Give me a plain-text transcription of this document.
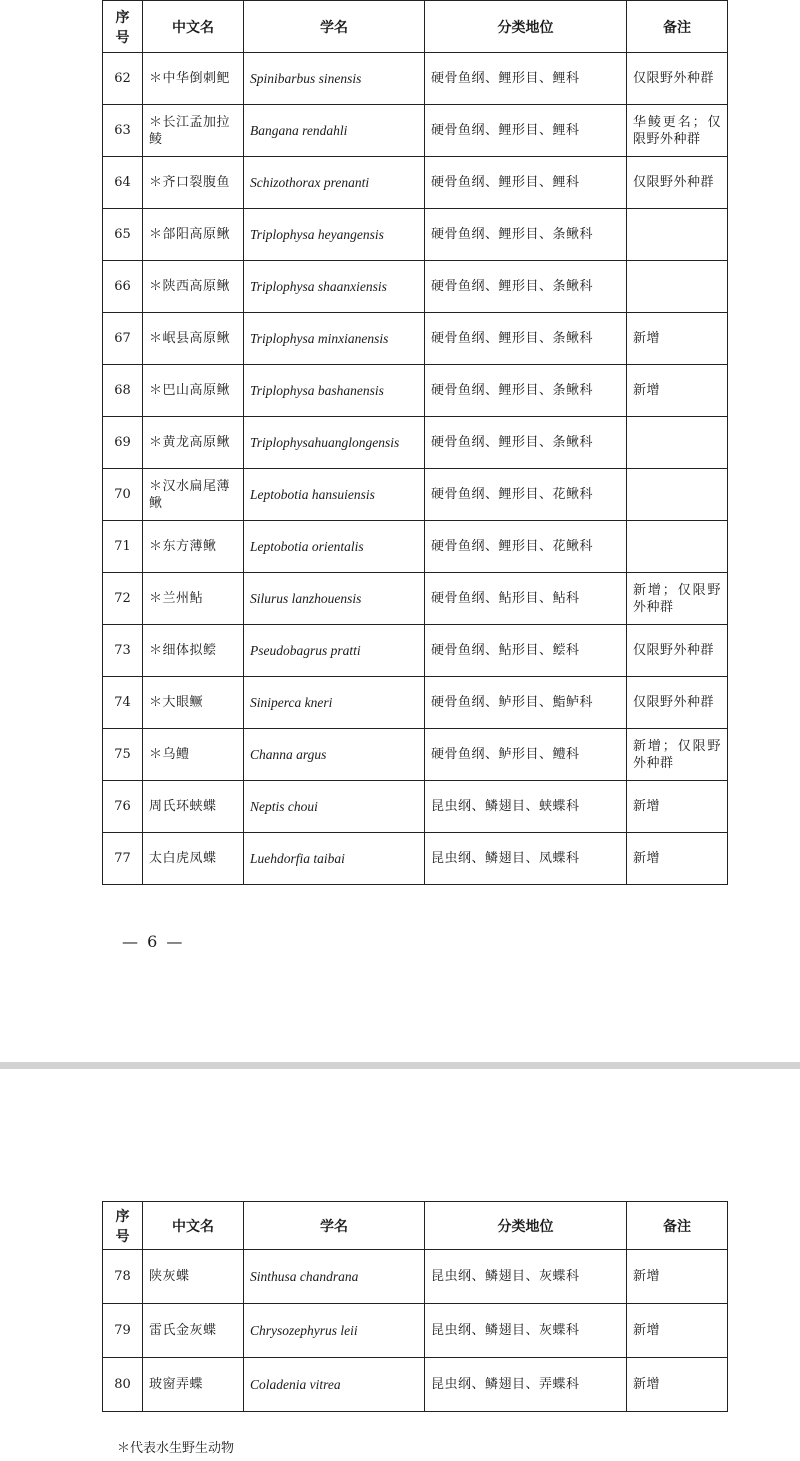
序号	中文名	学名	分类地位	备注
62	＊中华倒刺鲃	Spinibarbus sinensis	硬骨鱼纲、鲤形目、鲤科	仅限野外种群
63	＊长江孟加拉鲮	Bangana rendahli	硬骨鱼纲、鲤形目、鲤科	华鲮更名；仅限野外种群
64	＊齐口裂腹鱼	Schizothorax prenanti	硬骨鱼纲、鲤形目、鲤科	仅限野外种群
65	＊郃阳高原鳅	Triplophysa heyangensis	硬骨鱼纲、鲤形目、条鳅科	
66	＊陕西高原鳅	Triplophysa shaanxiensis	硬骨鱼纲、鲤形目、条鳅科	
67	＊岷县高原鳅	Triplophysa minxianensis	硬骨鱼纲、鲤形目、条鳅科	新增
68	＊巴山高原鳅	Triplophysa bashanensis	硬骨鱼纲、鲤形目、条鳅科	新增
69	＊黄龙高原鳅	Triplophysahuanglongensis	硬骨鱼纲、鲤形目、条鳅科	
70	＊汉水扁尾薄鳅	Leptobotia hansuiensis	硬骨鱼纲、鲤形目、花鳅科	
71	＊东方薄鳅	Leptobotia orientalis	硬骨鱼纲、鲤形目、花鳅科	
72	＊兰州鲇	Silurus lanzhouensis	硬骨鱼纲、鲇形目、鲇科	新增；仅限野外种群
73	＊细体拟鲿	Pseudobagrus pratti	硬骨鱼纲、鲇形目、鲿科	仅限野外种群
74	＊大眼鳜	Siniperca kneri	硬骨鱼纲、鲈形目、鮨鲈科	仅限野外种群
75	＊乌鳢	Channa argus	硬骨鱼纲、鲈形目、鳢科	新增；仅限野外种群
76	周氏环蛱蝶	Neptis choui	昆虫纲、鳞翅目、蛱蝶科	新增
77	太白虎凤蝶	Luehdorfia taibai	昆虫纲、鳞翅目、凤蝶科	新增
— 6 —
序号	中文名	学名	分类地位	备注
78	陕灰蝶	Sinthusa chandrana	昆虫纲、鳞翅目、灰蝶科	新增
79	雷氏金灰蝶	Chrysozephyrus leii	昆虫纲、鳞翅目、灰蝶科	新增
80	玻窗弄蝶	Coladenia vitrea	昆虫纲、鳞翅目、弄蝶科	新增
＊代表水生野生动物
